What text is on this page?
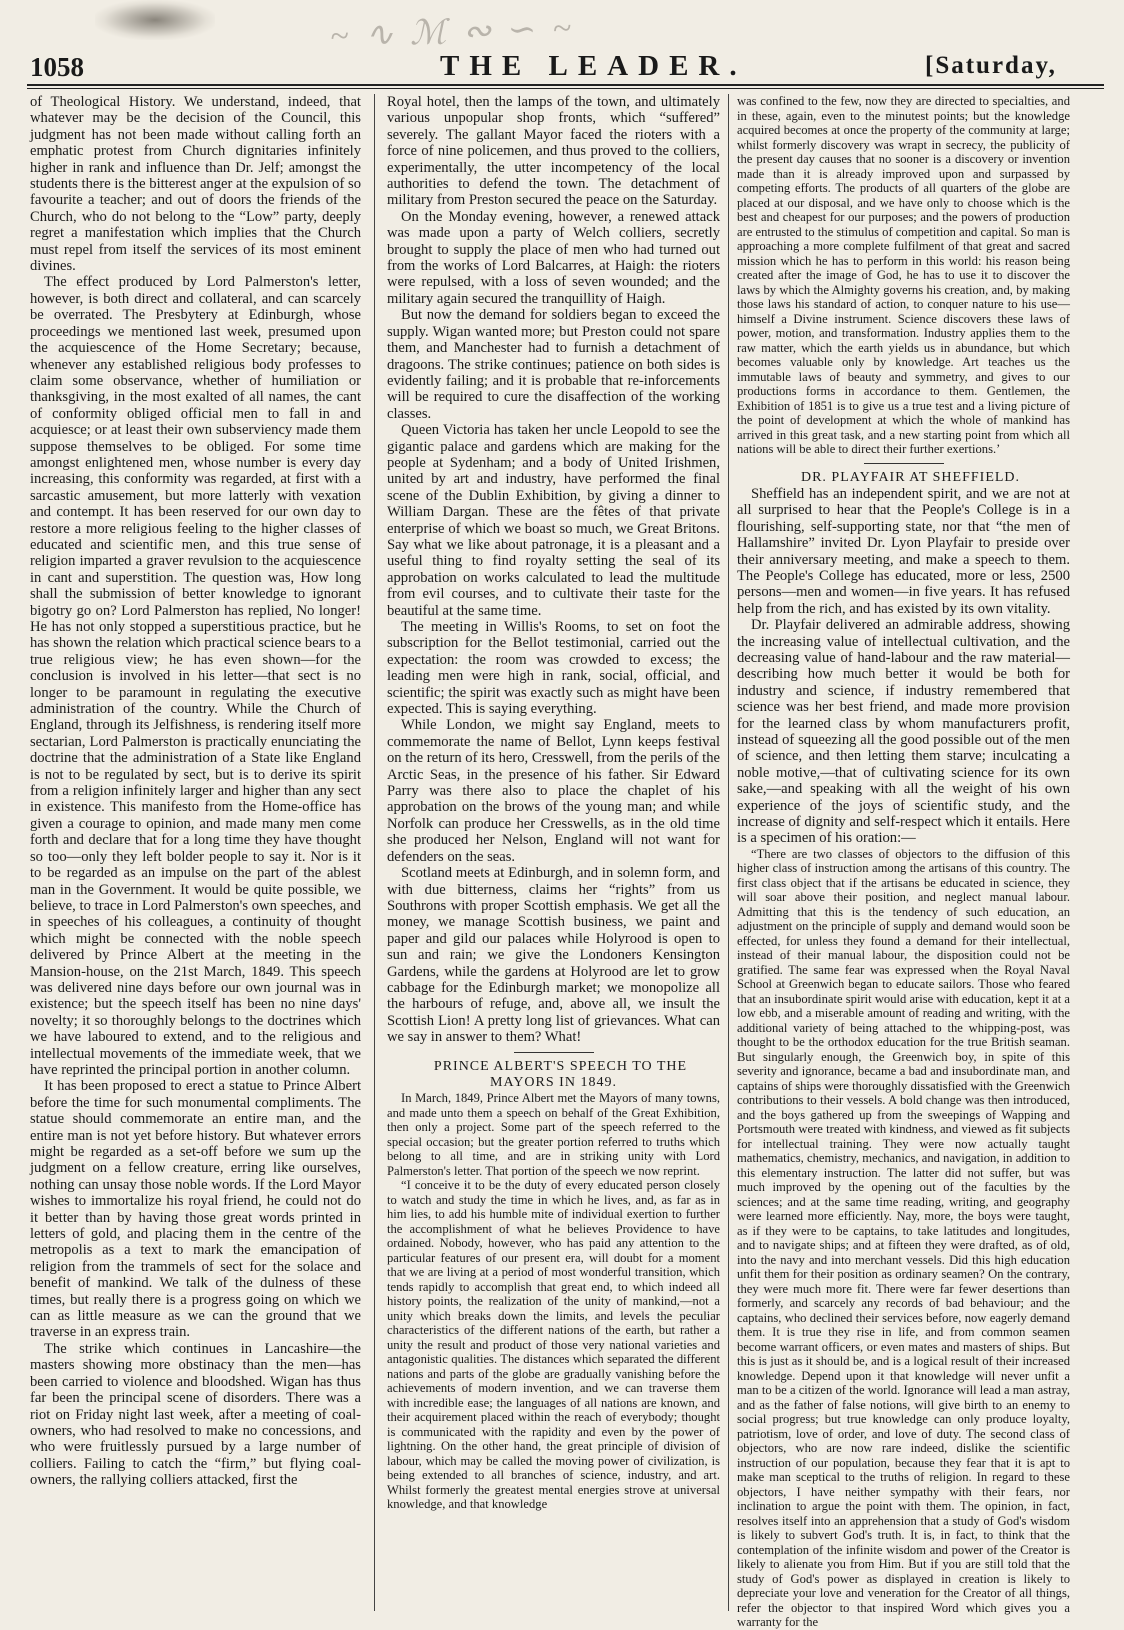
~ ∿ ℳ ∾ ∽ ~
1058	THE LEADER.	[Saturday,

of Theological History. We understand, indeed, that whatever may be the decision of the Council, this judgment has not been made without calling forth an emphatic protest from Church dignitaries infinitely higher in rank and influence than Dr. Jelf; amongst the students there is the bitterest anger at the expulsion of so favourite a teacher; and out of doors the friends of the Church, who do not belong to the “Low” party, deeply regret a manifestation which implies that the Church must repel from itself the services of its most eminent divines.

The effect produced by Lord Palmerston's letter, however, is both direct and collateral, and can scarcely be overrated. The Presbytery at Edinburgh, whose proceedings we mentioned last week, presumed upon the acquiescence of the Home Secretary; because, whenever any established religious body professes to claim some observance, whether of humiliation or thanksgiving, in the most exalted of all names, the cant of conformity obliged official men to fall in and acquiesce; or at least their own subserviency made them suppose themselves to be obliged. For some time amongst enlightened men, whose number is every day increasing, this conformity was regarded, at first with a sarcastic amusement, but more latterly with vexation and contempt. It has been reserved for our own day to restore a more religious feeling to the higher classes of educated and scientific men, and this true sense of religion imparted a graver revulsion to the acquiescence in cant and superstition. The question was, How long shall the submission of better knowledge to ignorant bigotry go on? Lord Palmerston has replied, No longer! He has not only stopped a superstitious practice, but he has shown the relation which practical science bears to a true religious view; he has even shown—for the conclusion is involved in his letter—that sect is no longer to be paramount in regulating the executive administration of the country. While the Church of England, through its Jelfishness, is rendering itself more sectarian, Lord Palmerston is practically enunciating the doctrine that the administration of a State like England is not to be regulated by sect, but is to derive its spirit from a religion infinitely larger and higher than any sect in existence. This manifesto from the Home-office has given a courage to opinion, and made many men come forth and declare that for a long time they have thought so too—only they left bolder people to say it. Nor is it to be regarded as an impulse on the part of the ablest man in the Government. It would be quite possible, we believe, to trace in Lord Palmerston's own speeches, and in speeches of his colleagues, a continuity of thought which might be connected with the noble speech delivered by Prince Albert at the meeting in the Mansion-house, on the 21st March, 1849. This speech was delivered nine days before our own journal was in existence; but the speech itself has been no nine days' novelty; it so thoroughly belongs to the doctrines which we have laboured to extend, and to the religious and intellectual movements of the immediate week, that we have reprinted the principal portion in another column.

It has been proposed to erect a statue to Prince Albert before the time for such monumental compliments. The statue should commemorate an entire man, and the entire man is not yet before history. But whatever errors might be regarded as a set-off before we sum up the judgment on a fellow creature, erring like ourselves, nothing can unsay those noble words. If the Lord Mayor wishes to immortalize his royal friend, he could not do it better than by having those great words printed in letters of gold, and placing them in the centre of the metropolis as a text to mark the emancipation of religion from the trammels of sect for the solace and benefit of mankind. We talk of the dulness of these times, but really there is a progress going on which we can as little measure as we can the ground that we traverse in an express train.

The strike which continues in Lancashire—the masters showing more obstinacy than the men—has been carried to violence and bloodshed. Wigan has thus far been the principal scene of disorders. There was a riot on Friday night last week, after a meeting of coal-owners, who had resolved to make no concessions, and who were fruitlessly pursued by a large number of colliers. Failing to catch the “firm,” but flying coal-owners, the rallying colliers attacked, first the

Royal hotel, then the lamps of the town, and ultimately various unpopular shop fronts, which “suffered” severely. The gallant Mayor faced the rioters with a force of nine policemen, and thus proved to the colliers, experimentally, the utter incompetency of the local authorities to defend the town. The detachment of military from Preston secured the peace on the Saturday.

On the Monday evening, however, a renewed attack was made upon a party of Welch colliers, secretly brought to supply the place of men who had turned out from the works of Lord Balcarres, at Haigh: the rioters were repulsed, with a loss of seven wounded; and the military again secured the tranquillity of Haigh.

But now the demand for soldiers began to exceed the supply. Wigan wanted more; but Preston could not spare them, and Manchester had to furnish a detachment of dragoons. The strike continues; patience on both sides is evidently failing; and it is probable that re-inforcements will be required to cure the disaffection of the working classes.

Queen Victoria has taken her uncle Leopold to see the gigantic palace and gardens which are making for the people at Sydenham; and a body of United Irishmen, united by art and industry, have performed the final scene of the Dublin Exhibition, by giving a dinner to William Dargan. These are the fêtes of that private enterprise of which we boast so much, we Great Britons. Say what we like about patronage, it is a pleasant and a useful thing to find royalty setting the seal of its approbation on works calculated to lead the multitude from evil courses, and to cultivate their taste for the beautiful at the same time.

The meeting in Willis's Rooms, to set on foot the subscription for the Bellot testimonial, carried out the expectation: the room was crowded to excess; the leading men were high in rank, social, official, and scientific; the spirit was exactly such as might have been expected. This is saying everything.

While London, we might say England, meets to commemorate the name of Bellot, Lynn keeps festival on the return of its hero, Cresswell, from the perils of the Arctic Seas, in the presence of his father. Sir Edward Parry was there also to place the chaplet of his approbation on the brows of the young man; and while Norfolk can produce her Cresswells, as in the old time she produced her Nelson, England will not want for defenders on the seas.

Scotland meets at Edinburgh, and in solemn form, and with due bitterness, claims her “rights” from us Southrons with proper Scottish emphasis. We get all the money, we manage Scottish business, we paint and paper and gild our palaces while Holyrood is open to sun and rain; we give the Londoners Kensington Gardens, while the gardens at Holyrood are let to grow cabbage for the Edinburgh market; we monopolize all the harbours of refuge, and, above all, we insult the Scottish Lion! A pretty long list of grievances. What can we say in answer to them? What!

PRINCE ALBERT'S SPEECH TO THE MAYORS IN 1849.

In March, 1849, Prince Albert met the Mayors of many towns, and made unto them a speech on behalf of the Great Exhibition, then only a project. Some part of the speech referred to the special occasion; but the greater portion referred to truths which belong to all time, and are in striking unity with Lord Palmerston's letter. That portion of the speech we now reprint.

“I conceive it to be the duty of every educated person closely to watch and study the time in which he lives, and, as far as in him lies, to add his humble mite of individual exertion to further the accomplishment of what he believes Providence to have ordained. Nobody, however, who has paid any attention to the particular features of our present era, will doubt for a moment that we are living at a period of most wonderful transition, which tends rapidly to accomplish that great end, to which indeed all history points, the realization of the unity of mankind,—not a unity which breaks down the limits, and levels the peculiar characteristics of the different nations of the earth, but rather a unity the result and product of those very national varieties and antagonistic qualities. The distances which separated the different nations and parts of the globe are gradually vanishing before the achievements of modern invention, and we can traverse them with incredible ease; the languages of all nations are known, and their acquirement placed within the reach of everybody; thought is communicated with the rapidity and even by the power of lightning. On the other hand, the great principle of division of labour, which may be called the moving power of civilization, is being extended to all branches of science, industry, and art. Whilst formerly the greatest mental energies strove at universal knowledge, and that knowledge

was confined to the few, now they are directed to specialties, and in these, again, even to the minutest points; but the knowledge acquired becomes at once the property of the community at large; whilst formerly discovery was wrapt in secrecy, the publicity of the present day causes that no sooner is a discovery or invention made than it is already improved upon and surpassed by competing efforts. The products of all quarters of the globe are placed at our disposal, and we have only to choose which is the best and cheapest for our purposes; and the powers of production are entrusted to the stimulus of competition and capital. So man is approaching a more complete fulfilment of that great and sacred mission which he has to perform in this world: his reason being created after the image of God, he has to use it to discover the laws by which the Almighty governs his creation, and, by making those laws his standard of action, to conquer nature to his use—himself a Divine instrument. Science discovers these laws of power, motion, and transformation. Industry applies them to the raw matter, which the earth yields us in abundance, but which becomes valuable only by knowledge. Art teaches us the immutable laws of beauty and symmetry, and gives to our productions forms in accordance to them. Gentlemen, the Exhibition of 1851 is to give us a true test and a living picture of the point of development at which the whole of mankind has arrived in this great task, and a new starting point from which all nations will be able to direct their further exertions.’

DR. PLAYFAIR AT SHEFFIELD.

Sheffield has an independent spirit, and we are not at all surprised to hear that the People's College is in a flourishing, self-supporting state, nor that “the men of Hallamshire” invited Dr. Lyon Playfair to preside over their anniversary meeting, and make a speech to them. The People's College has educated, more or less, 2500 persons—men and women—in five years. It has refused help from the rich, and has existed by its own vitality.

Dr. Playfair delivered an admirable address, showing the increasing value of intellectual cultivation, and the decreasing value of hand-labour and the raw material—describing how much better it would be both for industry and science, if industry remembered that science was her best friend, and made more provision for the learned class by whom manufacturers profit, instead of squeezing all the good possible out of the men of science, and then letting them starve; inculcating a noble motive,—that of cultivating science for its own sake,—and speaking with all the weight of his own experience of the joys of scientific study, and the increase of dignity and self-respect which it entails. Here is a specimen of his oration:—

“There are two classes of objectors to the diffusion of this higher class of instruction among the artisans of this country. The first class object that if the artisans be educated in science, they will soar above their position, and neglect manual labour. Admitting that this is the tendency of such education, an adjustment on the principle of supply and demand would soon be effected, for unless they found a demand for their intellectual, instead of their manual labour, the disposition could not be gratified. The same fear was expressed when the Royal Naval School at Greenwich began to educate sailors. Those who feared that an insubordinate spirit would arise with education, kept it at a low ebb, and a miserable amount of reading and writing, with the additional variety of being attached to the whipping-post, was thought to be the orthodox education for the true British seaman. But singularly enough, the Greenwich boy, in spite of this severity and ignorance, became a bad and insubordinate man, and captains of ships were thoroughly dissatisfied with the Greenwich contributions to their vessels. A bold change was then introduced, and the boys gathered up from the sweepings of Wapping and Portsmouth were treated with kindness, and viewed as fit subjects for intellectual training. They were now actually taught mathematics, chemistry, mechanics, and navigation, in addition to this elementary instruction. The latter did not suffer, but was much improved by the opening out of the faculties by the sciences; and at the same time reading, writing, and geography were learned more efficiently. Nay, more, the boys were taught, as if they were to be captains, to take latitudes and longitudes, and to navigate ships; and at fifteen they were drafted, as of old, into the navy and into merchant vessels. Did this high education unfit them for their position as ordinary seamen? On the contrary, they were much more fit. There were far fewer desertions than formerly, and scarcely any records of bad behaviour; and the captains, who declined their services before, now eagerly demand them. It is true they rise in life, and from common seamen become warrant officers, or even mates and masters of ships. But this is just as it should be, and is a logical result of their increased knowledge. Depend upon it that knowledge will never unfit a man to be a citizen of the world. Ignorance will lead a man astray, and as the father of false notions, will give birth to an enemy to social progress; but true knowledge can only produce loyalty, patriotism, love of order, and love of duty. The second class of objectors, who are now rare indeed, dislike the scientific instruction of our population, because they fear that it is apt to make man sceptical to the truths of religion. In regard to these objectors, I have neither sympathy with their fears, nor inclination to argue the point with them. The opinion, in fact, resolves itself into an apprehension that a study of God's wisdom is likely to subvert God's truth. It is, in fact, to think that the contemplation of the infinite wisdom and power of the Creator is likely to alienate you from Him. But if you are still told that the study of God's power as displayed in creation is likely to depreciate your love and veneration for the Creator of all things, refer the objector to that inspired Word which gives you a warranty for the
